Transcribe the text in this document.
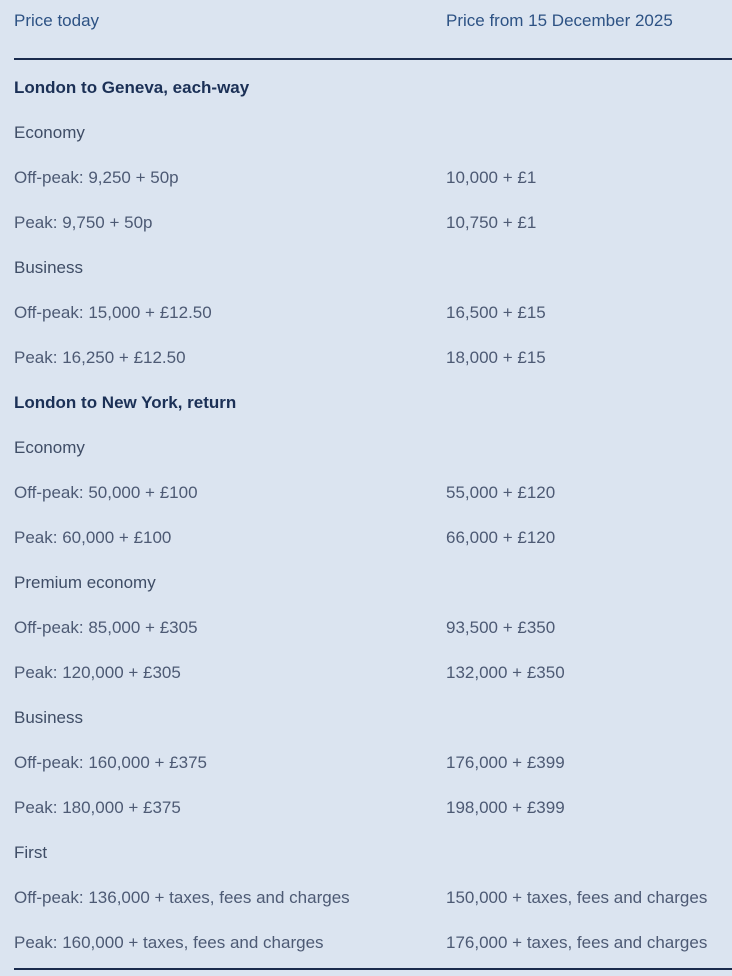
Price today	Price from 15 December 2025
London to Geneva, each-way
Economy
Off-peak: 9,250 + 50p	10,000 + £1
Peak: 9,750 + 50p	10,750 + £1
Business
Off-peak: 15,000 + £12.50	16,500 + £15
Peak: 16,250 + £12.50	18,000 + £15
London to New York, return
Economy
Off-peak: 50,000 + £100	55,000 + £120
Peak: 60,000 + £100	66,000 + £120
Premium economy
Off-peak: 85,000 + £305	93,500 + £350
Peak: 120,000 + £305	132,000 + £350
Business
Off-peak: 160,000 + £375	176,000 + £399
Peak: 180,000 + £375	198,000 + £399
First
Off-peak: 136,000 + taxes, fees and charges	150,000 + taxes, fees and charges
Peak: 160,000 + taxes, fees and charges	176,000 + taxes, fees and charges
